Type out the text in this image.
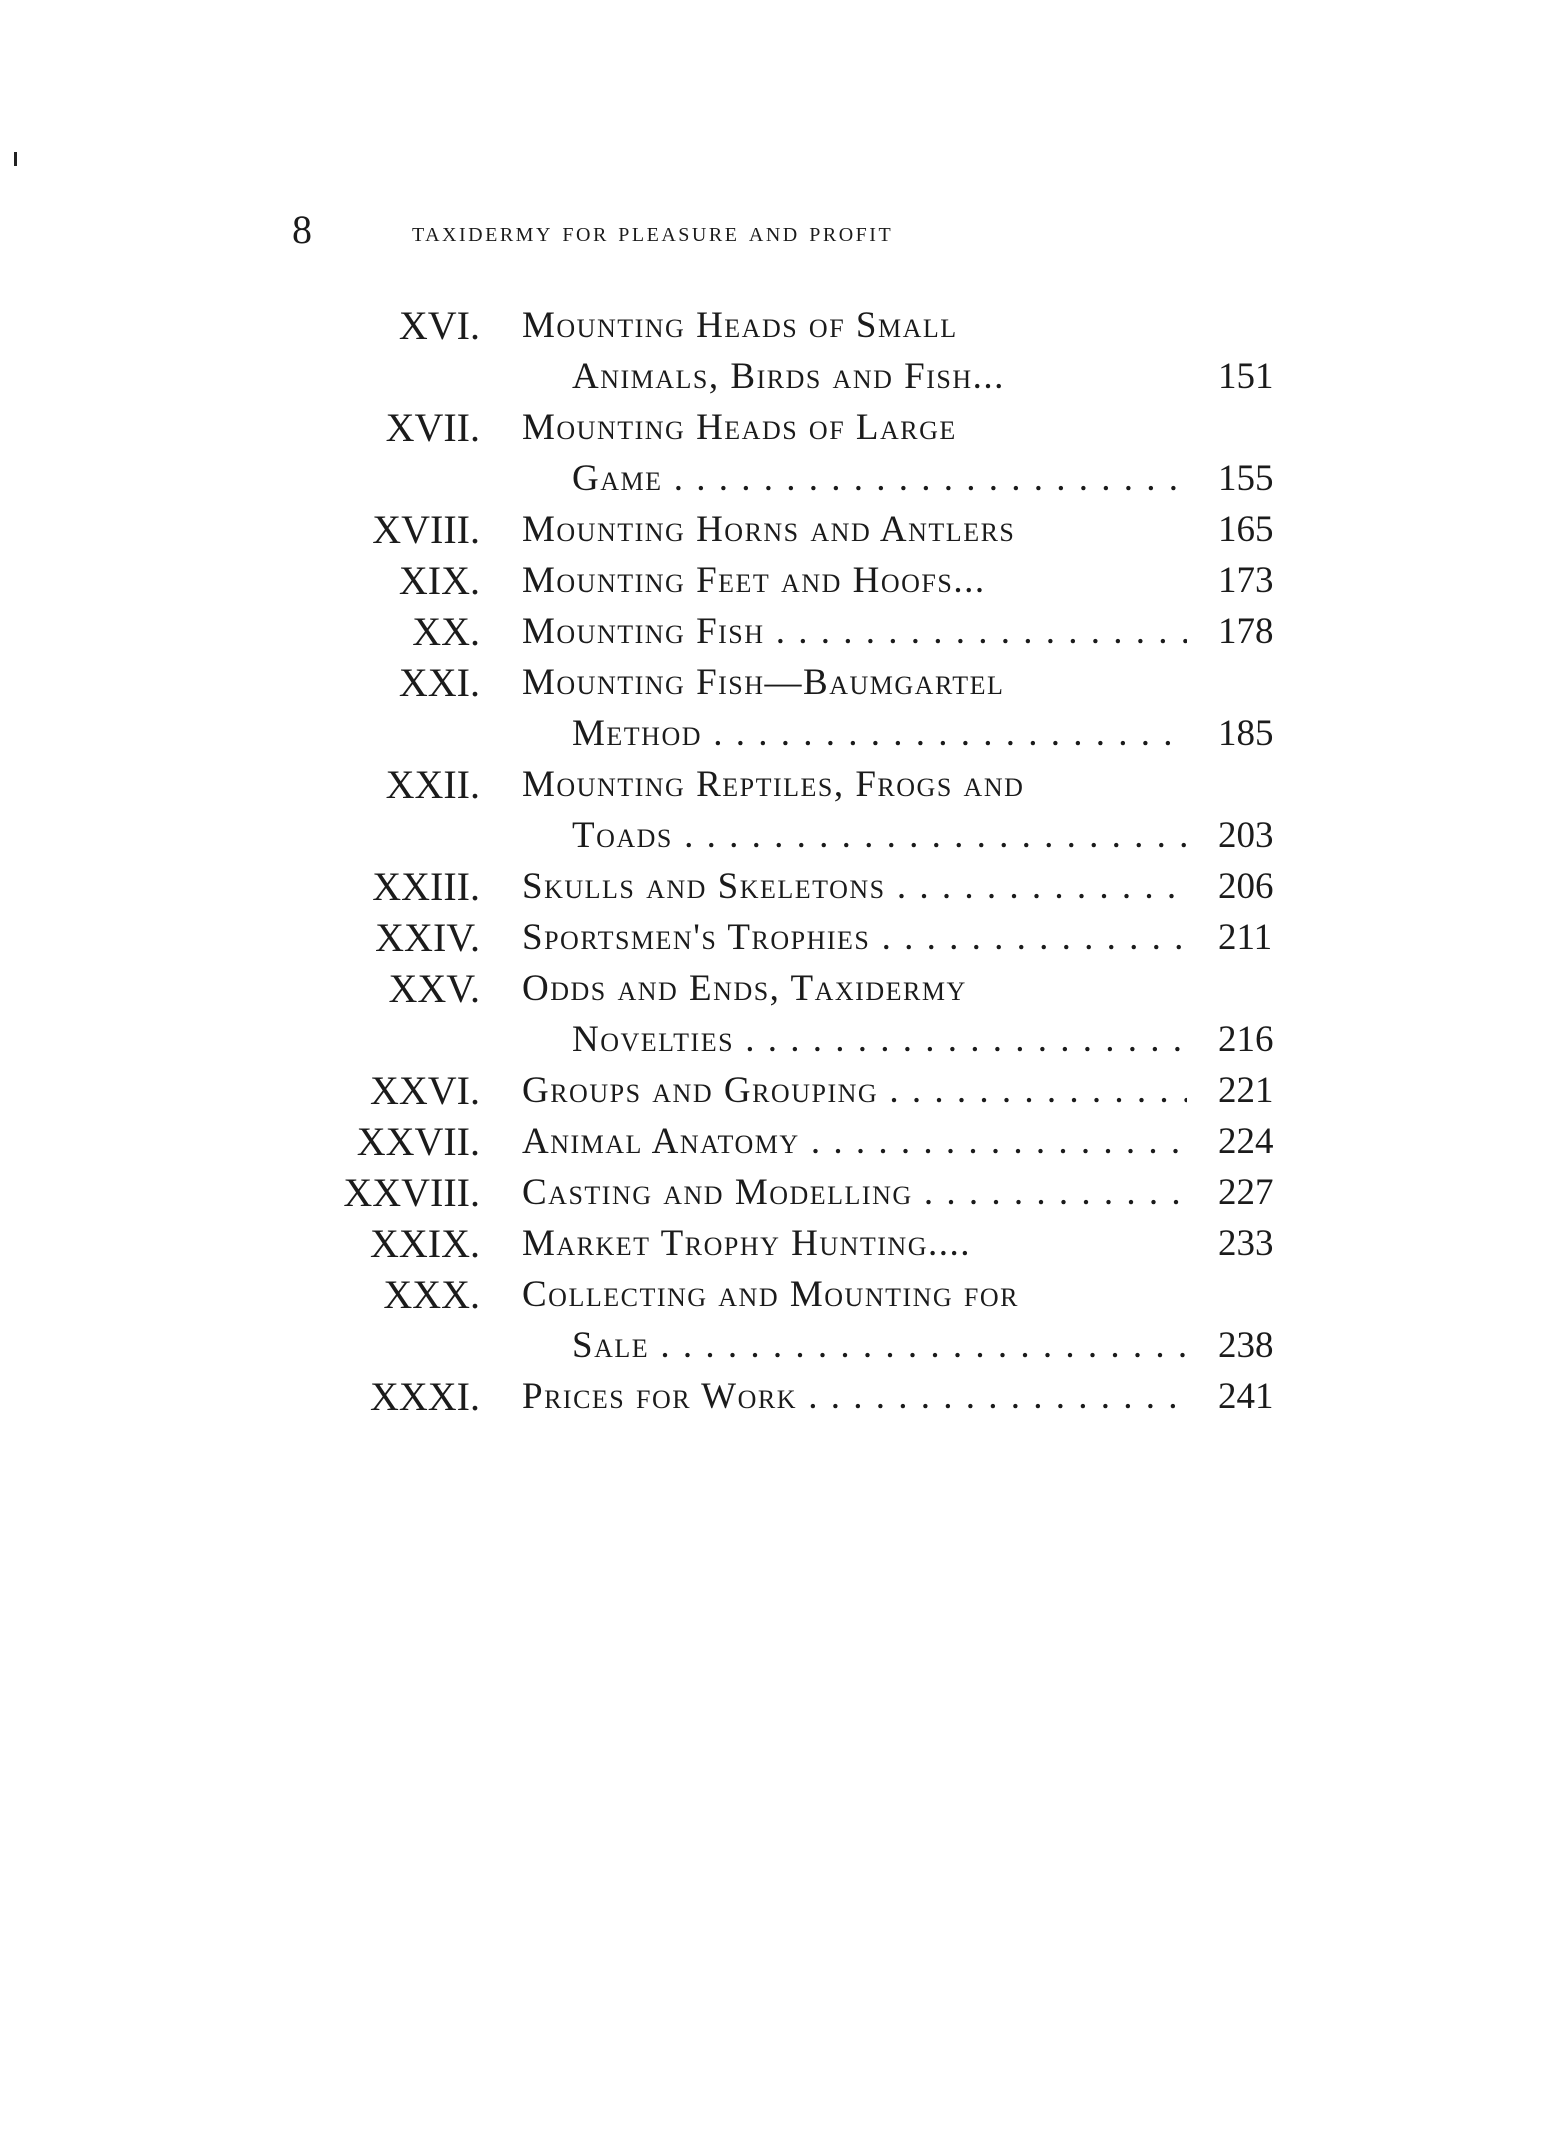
8	taxidermy for pleasure and profit
XVI. Mounting Heads of Small
Animals, Birds and Fish...	151
XVII. Mounting Heads of Large
Game . . .	155
XVIII. Mounting Horns and Antlers	165
XIX. Mounting Feet and Hoofs...	173
XX. Mounting Fish . . .	178
XXI. Mounting Fish—Baumgartel
Method . . .	185
XXII. Mounting Reptiles, Frogs and
Toads . . .	203
XXIII. Skulls and Skeletons . . .	206
XXIV. Sportsmen's Trophies . . .	211
XXV. Odds and Ends, Taxidermy
Novelties . . .	216
XXVI. Groups and Grouping . . .	221
XXVII. Animal Anatomy . . .	224
XXVIII. Casting and Modelling . . .	227
XXIX. Market Trophy Hunting....	233
XXX. Collecting and Mounting for
Sale . . .	238
XXXI. Prices for Work . . .	241
